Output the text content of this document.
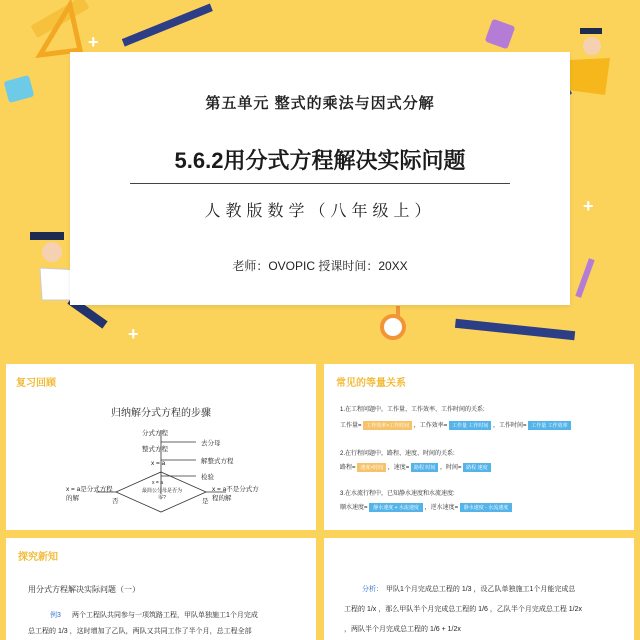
+
+
+
第五单元 整式的乘法与因式分解
5.6.2用分式方程解决实际问题
人教版数学（八年级上）
老师：OVOPIC 授课时间：20XX
复习回顾
归纳解分式方程的步骤
分式方程
整式方程
x = a
去分母
解整式方程
检验
x = a
最简公分母是否为零?
x = a是分式方程的解
x = a不是分式方程的解
否	是
常见的等量关系
1.在工程问题中，工作量、工作效率、工作时间的关系:
工作量= 工作效率×工作时间 ，工作效率= 工作量 工作时间 ，工作时间= 工作量 工作效率
2.在行程问题中，路程、速度、时间的关系:
路程= 速度×时间 ，速度= 路程 时间 ，时间= 路程 速度
3.在水流行程中，已知静水速度和水流速度:
顺水速度= 静水速度 + 水流速度 ，逆水速度= 静水速度 - 水流速度
探究新知
用分式方程解决实际问题（一）
例3 两个工程队共同参与一项筑路工程，甲队单独施工1个月完成
总工程的 1/3 ，这时增加了乙队，两队又共同工作了半个月，总工程全部
分析： 甲队1个月完成总工程的 1/3 ，设乙队单独施工1个月能完成总
工程的 1/x ，那么甲队半个月完成总工程的 1/6 ，乙队半个月完成总工程 1/2x
，两队半个月完成总工程的 1/6 + 1/2x
